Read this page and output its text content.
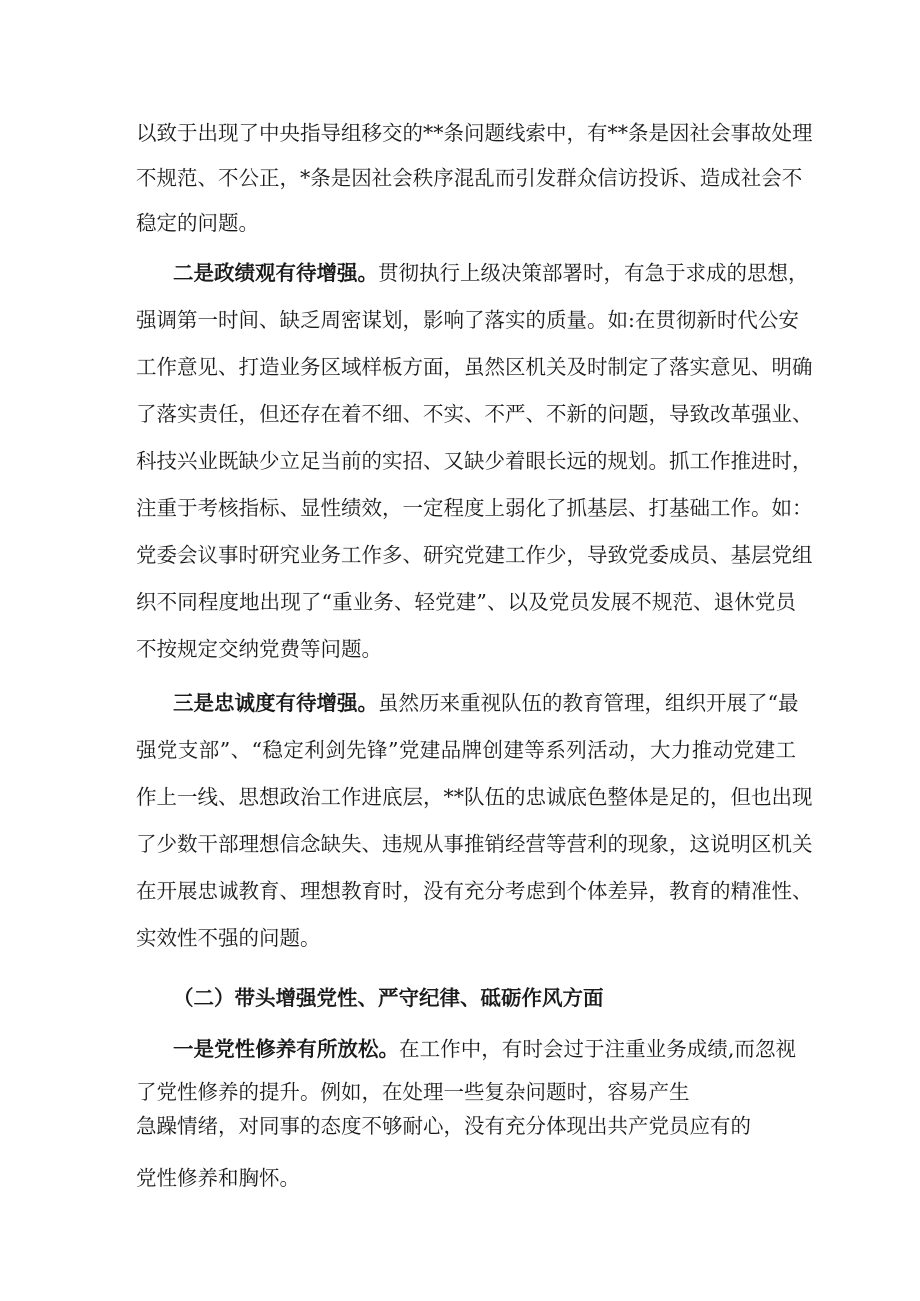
以致于出现了中央指导组移交的**条问题线索中，有**条是因社会事故处理
不规范、不公正，*条是因社会秩序混乱而引发群众信访投诉、造成社会不
稳定的问题。
二是政绩观有待增强。贯彻执行上级决策部署时，有急于求成的思想，
强调第一时间、缺乏周密谋划，影响了落实的质量。如:在贯彻新时代公安
工作意见、打造业务区域样板方面，虽然区机关及时制定了落实意见、明确
了落实责任，但还存在着不细、不实、不严、不新的问题，导致改革强业、
科技兴业既缺少立足当前的实招、又缺少着眼长远的规划。抓工作推进时，
注重于考核指标、显性绩效，一定程度上弱化了抓基层、打基础工作。如：
党委会议事时研究业务工作多、研究党建工作少，导致党委成员、基层党组
织不同程度地出现了“重业务、轻党建”、以及党员发展不规范、退休党员
不按规定交纳党费等问题。
三是忠诚度有待增强。虽然历来重视队伍的教育管理，组织开展了“最
强党支部”、“稳定利剑先锋”党建品牌创建等系列活动，大力推动党建工
作上一线、思想政治工作进底层，**队伍的忠诚底色整体是足的，但也出现
了少数干部理想信念缺失、违规从事推销经营等营利的现象，这说明区机关
在开展忠诚教育、理想教育时，没有充分考虑到个体差异，教育的精准性、
实效性不强的问题。
（二）带头增强党性、严守纪律、砥砺作风方面
一是党性修养有所放松。在工作中，有时会过于注重业务成绩,而忽视
了党性修养的提升。例如，在处理一些复杂问题时，容易产生
急躁情绪，对同事的态度不够耐心，没有充分体现出共产党员应有的
党性修养和胸怀。
